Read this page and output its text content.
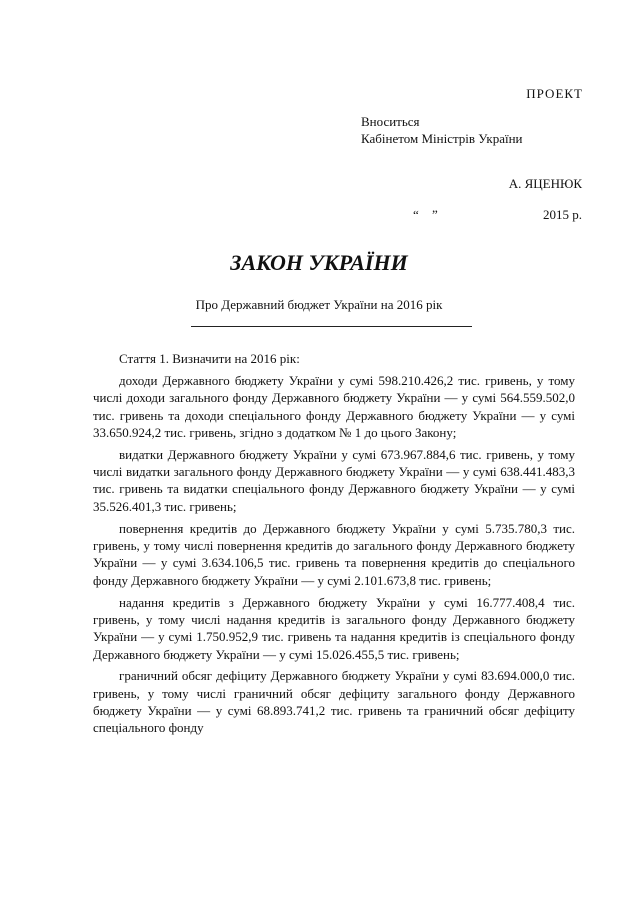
ПРОЕКТ

Вноситься

Кабінетом Міністрів України

А. ЯЦЕНЮК

“ ”	2015 р.

ЗАКОН УКРАЇНИ

Про Державний бюджет України на 2016 рік

Стаття 1. Визначити на 2016 рік:

доходи Державного бюджету України у сумі 598.210.426,2 тис. гривень, у тому числі доходи загального фонду Державного бюджету України — у сумі 564.559.502,0 тис. гривень та доходи спеціального фонду Державного бюджету України — у сумі 33.650.924,2 тис. гривень, згідно з додатком № 1 до цього Закону;

видатки Державного бюджету України у сумі 673.967.884,6 тис. гривень, у тому числі видатки загального фонду Державного бюджету України — у сумі 638.441.483,3 тис. гривень та видатки спеціального фонду Державного бюджету України — у сумі 35.526.401,3 тис. гривень;

повернення кредитів до Державного бюджету України у сумі 5.735.780,3 тис. гривень, у тому числі повернення кредитів до загального фонду Державного бюджету України — у сумі 3.634.106,5 тис. гривень та повернення кредитів до спеціального фонду Державного бюджету України — у сумі 2.101.673,8 тис. гривень;

надання кредитів з Державного бюджету України у сумі 16.777.408,4 тис. гривень, у тому числі надання кредитів із загального фонду Державного бюджету України — у сумі 1.750.952,9 тис. гривень та надання кредитів із спеціального фонду Державного бюджету України — у сумі 15.026.455,5 тис. гривень;

граничний обсяг дефіциту Державного бюджету України у сумі 83.694.000,0 тис. гривень, у тому числі граничний обсяг дефіциту загального фонду Державного бюджету України — у сумі 68.893.741,2 тис. гривень та граничний обсяг дефіциту спеціального фонду
